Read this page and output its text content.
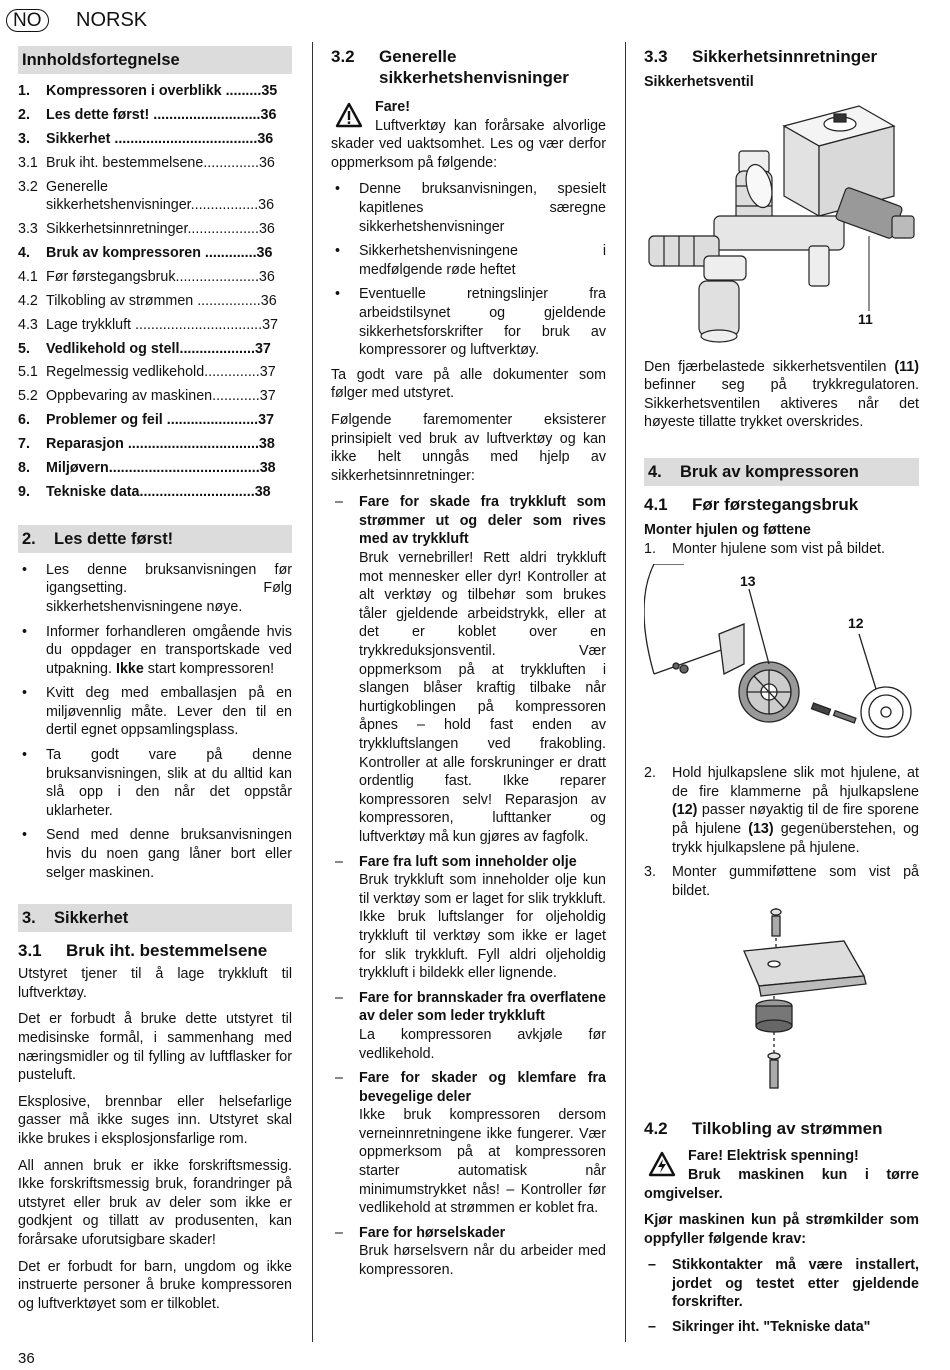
NO	NORSK
Innholdsfortegnelse
1.	Kompressoren i overblikk .........35
2.	Les dette først! ...........................36
3.	Sikkerhet ....................................36
3.1 Bruk iht. bestemmelsene..............36
3.2 Generelle sikkerhetshenvisninger.................36
3.3 Sikkerhetsinnretninger..................36
4.	Bruk av kompressoren .............36
4.1 Før førstegangsbruk.....................36
4.2 Tilkobling av strømmen ................36
4.3 Lage trykkluft ................................37
5.	Vedlikehold og stell...................37
5.1 Regelmessig vedlikehold..............37
5.2 Oppbevaring av maskinen............37
6.	Problemer og feil .......................37
7.	Reparasjon .................................38
8.	Miljøvern......................................38
9.	Tekniske data.............................38
2. Les dette først!
• Les denne bruksanvisningen før igangsetting. Følg sikkerhetshenvisningene nøye.
• Informer forhandleren omgående hvis du oppdager en transportskade ved utpakning. Ikke start kompressoren!
• Kvitt deg med emballasjen på en miljøvennlig måte. Lever den til en dertil egnet oppsamlingsplass.
• Ta godt vare på denne bruksanvisningen, slik at du alltid kan slå opp i den når det oppstår uklarheter.
• Send med denne bruksanvisningen hvis du noen gang låner bort eller selger maskinen.
3. Sikkerhet
3.1	Bruk iht. bestemmelsene

Utstyret tjener til å lage trykkluft til luftverktøy.

Det er forbudt å bruke dette utstyret til medisinske formål, i sammenhang med næringsmidler og til fylling av luftflasker for pusteluft.

Eksplosive, brennbar eller helsefarlige gasser må ikke suges inn. Utstyret skal ikke brukes i eksplosjonsfarlige rom.

All annen bruk er ikke forskriftsmessig. Ikke forskriftsmessig bruk, forandringer på utstyret eller bruk av deler som ikke er godkjent og tillatt av produsenten, kan forårsake uforutsigbare skader!

Det er forbudt for barn, ungdom og ikke instruerte personer å bruke kompressoren og luftverktøyet som er tilkoblet.

3.2	Generelle sikkerhetshenvisninger
Fare!

Luftverktøy kan forårsake alvorlige skader ved uaktsomhet. Les og vær derfor oppmerksom på følgende:

• Denne bruksanvisningen, spesielt kapitlenes særegne sikkerhetshenvisninger
• Sikkerhetshenvisningene i medfølgende røde heftet
• Eventuelle retningslinjer fra arbeidstilsynet og gjeldende sikkerhetsforskrifter for bruk av kompressorer og luftverktøy.

Ta godt vare på alle dokumenter som følger med utstyret.

Følgende faremomenter eksisterer prinsipielt ved bruk av luftverktøy og kan ikke helt unngås med hjelp av sikkerhetsinnretninger:

– Fare for skade fra trykkluft som strømmer ut og deler som rives med av trykkluft
Bruk vernebriller! Rett aldri trykkluft mot mennesker eller dyr! Kontroller at alt verktøy og tilbehør som brukes tåler gjeldende arbeidstrykk, eller at det er koblet over en trykkreduksjonsventil. Vær oppmerksom på at trykkluften i slangen blåser kraftig tilbake når hurtigkoblingen på kompressoren åpnes – hold fast enden av trykkluftslangen ved frakobling. Kontroller at alle forskruninger er dratt ordentlig fast. Ikke reparer kompressoren selv! Reparasjon av kompressoren, lufttanker og luftverktøy må kun gjøres av fagfolk.
– Fare fra luft som inneholder olje
Bruk trykkluft som inneholder olje kun til verktøy som er laget for slik trykkluft. Ikke bruk luftslanger for oljeholdig trykkluft til verktøy som ikke er laget for slik trykkluft. Fyll aldri oljeholdig trykkluft i bildekk eller lignende.
– Fare for brannskader fra overflatene av deler som leder trykkluft
La kompressoren avkjøle før vedlikehold.
– Fare for skader og klemfare fra bevegelige deler
Ikke bruk kompressoren dersom verneinnretningene ikke fungerer. Vær oppmerksom på at kompressoren starter automatisk når minimumstrykket nås! – Kontroller før vedlikehold at strømmen er koblet fra.
– Fare for hørselskader
Bruk hørselsvern når du arbeider med kompressoren.
3.3	Sikkerhetsinnretninger
Sikkerhetsventil
11

Den fjærbelastede sikkerhetsventilen (11) befinner seg på trykkregulatoren. Sikkerhetsventilen aktiveres når det høyeste tillatte trykket overskrides.

4. Bruk av kompressoren
4.1	Før førstegangsbruk
Monter hjulen og føttene
1. Monter hjulene som vist på bildet.
13
12
2. Hold hjulkapslene slik mot hjulene, at de fire klammerne på hjulkapslene (12) passer nøyaktig til de fire sporene på hjulene (13) gegenüberstehen, og trykk hjulkapslene på hjulene.
3. Monter gummiføttene som vist på bildet.
4.2	Tilkobling av strømmen
Fare! Elektrisk spenning!

Bruk maskinen kun i tørre omgivelser.

Kjør maskinen kun på strømkilder som oppfyller følgende krav:

– Stikkontakter må være installert, jordet og testet etter gjeldende forskrifter.
– Sikringer iht. "Tekniske data"
36
